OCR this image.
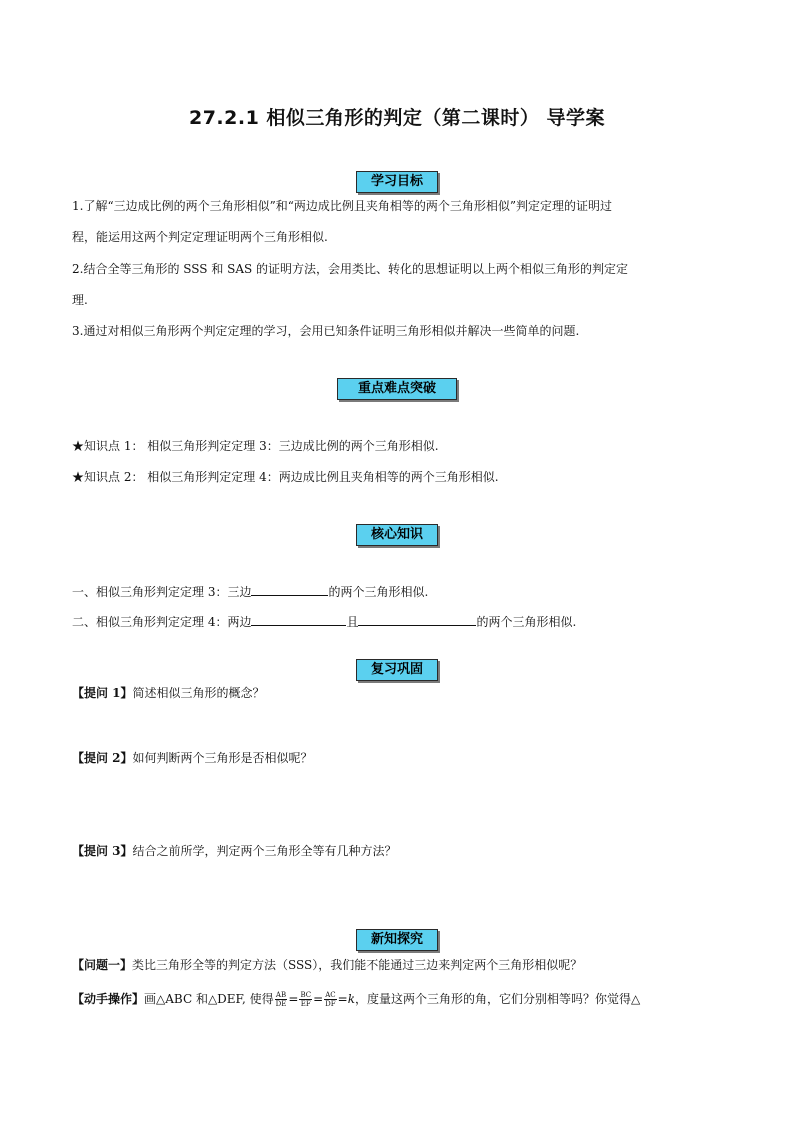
27.2.1 相似三角形的判定（第二课时） 导学案
学习目标
1.了解“三边成比例的两个三角形相似”和“两边成比例且夹角相等的两个三角形相似”判定定理的证明过
程，能运用这两个判定定理证明两个三角形相似.
2.结合全等三角形的 SSS 和 SAS 的证明方法，会用类比、转化的思想证明以上两个相似三角形的判定定
理.
3.通过对相似三角形两个判定定理的学习，会用已知条件证明三角形相似并解决一些简单的问题.
重点难点突破
★知识点 1： 相似三角形判定定理 3：三边成比例的两个三角形相似.
★知识点 2： 相似三角形判定定理 4：两边成比例且夹角相等的两个三角形相似.
核心知识
一、相似三角形判定定理 3：三边	的两个三角形相似.
二、相似三角形判定定理 4：两边	且	的两个三角形相似.
复习巩固
【提问 1】简述相似三角形的概念？
【提问 2】如何判断两个三角形是否相似呢？
【提问 3】结合之前所学，判定两个三角形全等有几种方法？
新知探究
【问题一】类比三角形全等的判定方法（SSS），我们能不能通过三边来判定两个三角形相似呢？
【动手操作】画△ABC 和△DEF, 使得 $\frac{AB}{DE} = \frac{BC}{EF} = \frac{AC}{DF} =k$，度量这两个三角形的角，它们分别相等吗？你觉得△
